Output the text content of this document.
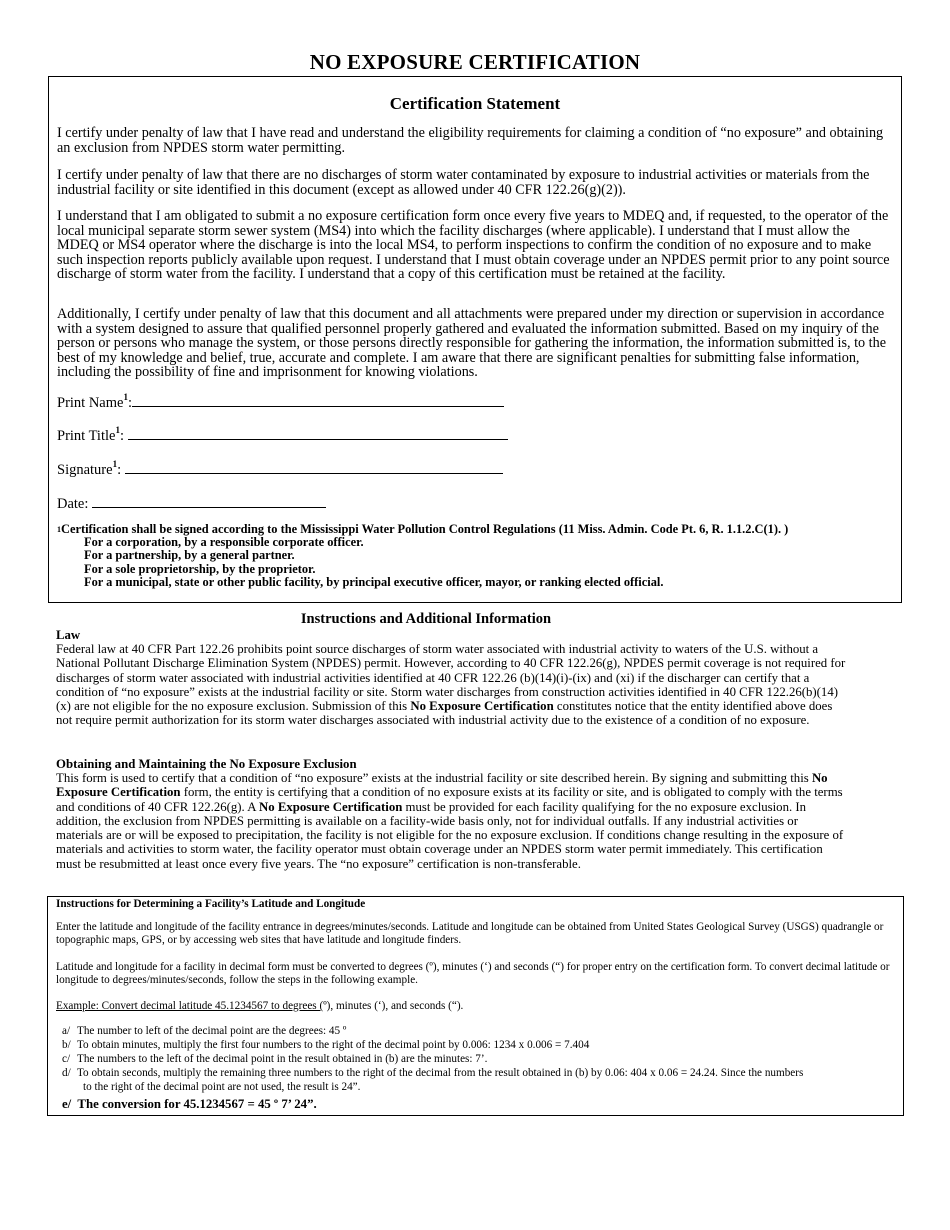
NO EXPOSURE CERTIFICATION
Certification Statement

I certify under penalty of law that I have read and understand the eligibility requirements for claiming a condition of “no exposure” and obtaining an exclusion from NPDES storm water permitting.

I certify under penalty of law that there are no discharges of storm water contaminated by exposure to industrial activities or materials from the industrial facility or site identified in this document (except as allowed under 40 CFR 122.26(g)(2)).

I understand that I am obligated to submit a no exposure certification form once every five years to MDEQ and, if requested, to the operator of the local municipal separate storm sewer system (MS4) into which the facility discharges (where applicable). I understand that I must allow the MDEQ or MS4 operator where the discharge is into the local MS4, to perform inspections to confirm the condition of no exposure and to make such inspection reports publicly available upon request. I understand that I must obtain coverage under an NPDES permit prior to any point source discharge of storm water from the facility. I understand that a copy of this certification must be retained at the facility.

Additionally, I certify under penalty of law that this document and all attachments were prepared under my direction or supervision in accordance with a system designed to assure that qualified personnel properly gathered and evaluated the information submitted. Based on my inquiry of the person or persons who manage the system, or those persons directly responsible for gathering the information, the information submitted is, to the best of my knowledge and belief, true, accurate and complete. I am aware that there are significant penalties for submitting false information, including the possibility of fine and imprisonment for knowing violations.

Print Name$^1$:
Print Title$^1$:
Signature$^1$:
Date:
$^1$Certification shall be signed according to the Mississippi Water Pollution Control Regulations (11 Miss. Admin. Code Pt. 6, R. 1.1.2.C(1). )
For a corporation, by a responsible corporate officer.
For a partnership, by a general partner.
For a sole proprietorship, by the proprietor.
For a municipal, state or other public facility, by principal executive officer, mayor, or ranking elected official.
Instructions and Additional Information
Law

Federal law at 40 CFR Part 122.26 prohibits point source discharges of storm water associated with industrial activity to waters of the U.S. without a National Pollutant Discharge Elimination System (NPDES) permit. However, according to 40 CFR 122.26(g), NPDES permit coverage is not required for discharges of storm water associated with industrial activities identified at 40 CFR 122.26 (b)(14)(i)-(ix) and (xi) if the discharger can certify that a condition of “no exposure” exists at the industrial facility or site. Storm water discharges from construction activities identified in 40 CFR 122.26(b)(14)(x) are not eligible for the no exposure exclusion. Submission of this No Exposure Certification constitutes notice that the entity identified above does not require permit authorization for its storm water discharges associated with industrial activity due to the existence of a condition of no exposure.

Obtaining and Maintaining the No Exposure Exclusion

This form is used to certify that a condition of “no exposure” exists at the industrial facility or site described herein. By signing and submitting this No Exposure Certification form, the entity is certifying that a condition of no exposure exists at its facility or site, and is obligated to comply with the terms and conditions of 40 CFR 122.26(g). A No Exposure Certification must be provided for each facility qualifying for the no exposure exclusion. In addition, the exclusion from NPDES permitting is available on a facility-wide basis only, not for individual outfalls. If any industrial activities or materials are or will be exposed to precipitation, the facility is not eligible for the no exposure exclusion. If conditions change resulting in the exposure of materials and activities to storm water, the facility operator must obtain coverage under an NPDES storm water permit immediately. This certification must be resubmitted at least once every five years. The “no exposure” certification is non-transferable.

Instructions for Determining a Facility’s Latitude and Longitude

Enter the latitude and longitude of the facility entrance in degrees/minutes/seconds. Latitude and longitude can be obtained from United States Geological Survey (USGS) quadrangle or topographic maps, GPS, or by accessing web sites that have latitude and longitude finders.

Latitude and longitude for a facility in decimal form must be converted to degrees (º), minutes (‘) and seconds (“) for proper entry on the certification form. To convert decimal latitude or longitude to degrees/minutes/seconds, follow the steps in the following example.

Example: Convert decimal latitude 45.1234567 to degrees (º), minutes (‘), and seconds (“).

a/ The number to left of the decimal point are the degrees: 45 º
b/ To obtain minutes, multiply the first four numbers to the right of the decimal point by 0.006: 1234 x 0.006 = 7.404
c/ The numbers to the left of the decimal point in the result obtained in (b) are the minutes: 7’.
d/ To obtain seconds, multiply the remaining three numbers to the right of the decimal from the result obtained in (b) by 0.06: 404 x 0.06 = 24.24. Since the numbers
to the right of the decimal point are not used, the result is 24”.
e/ The conversion for 45.1234567 = 45 º 7’ 24”.
